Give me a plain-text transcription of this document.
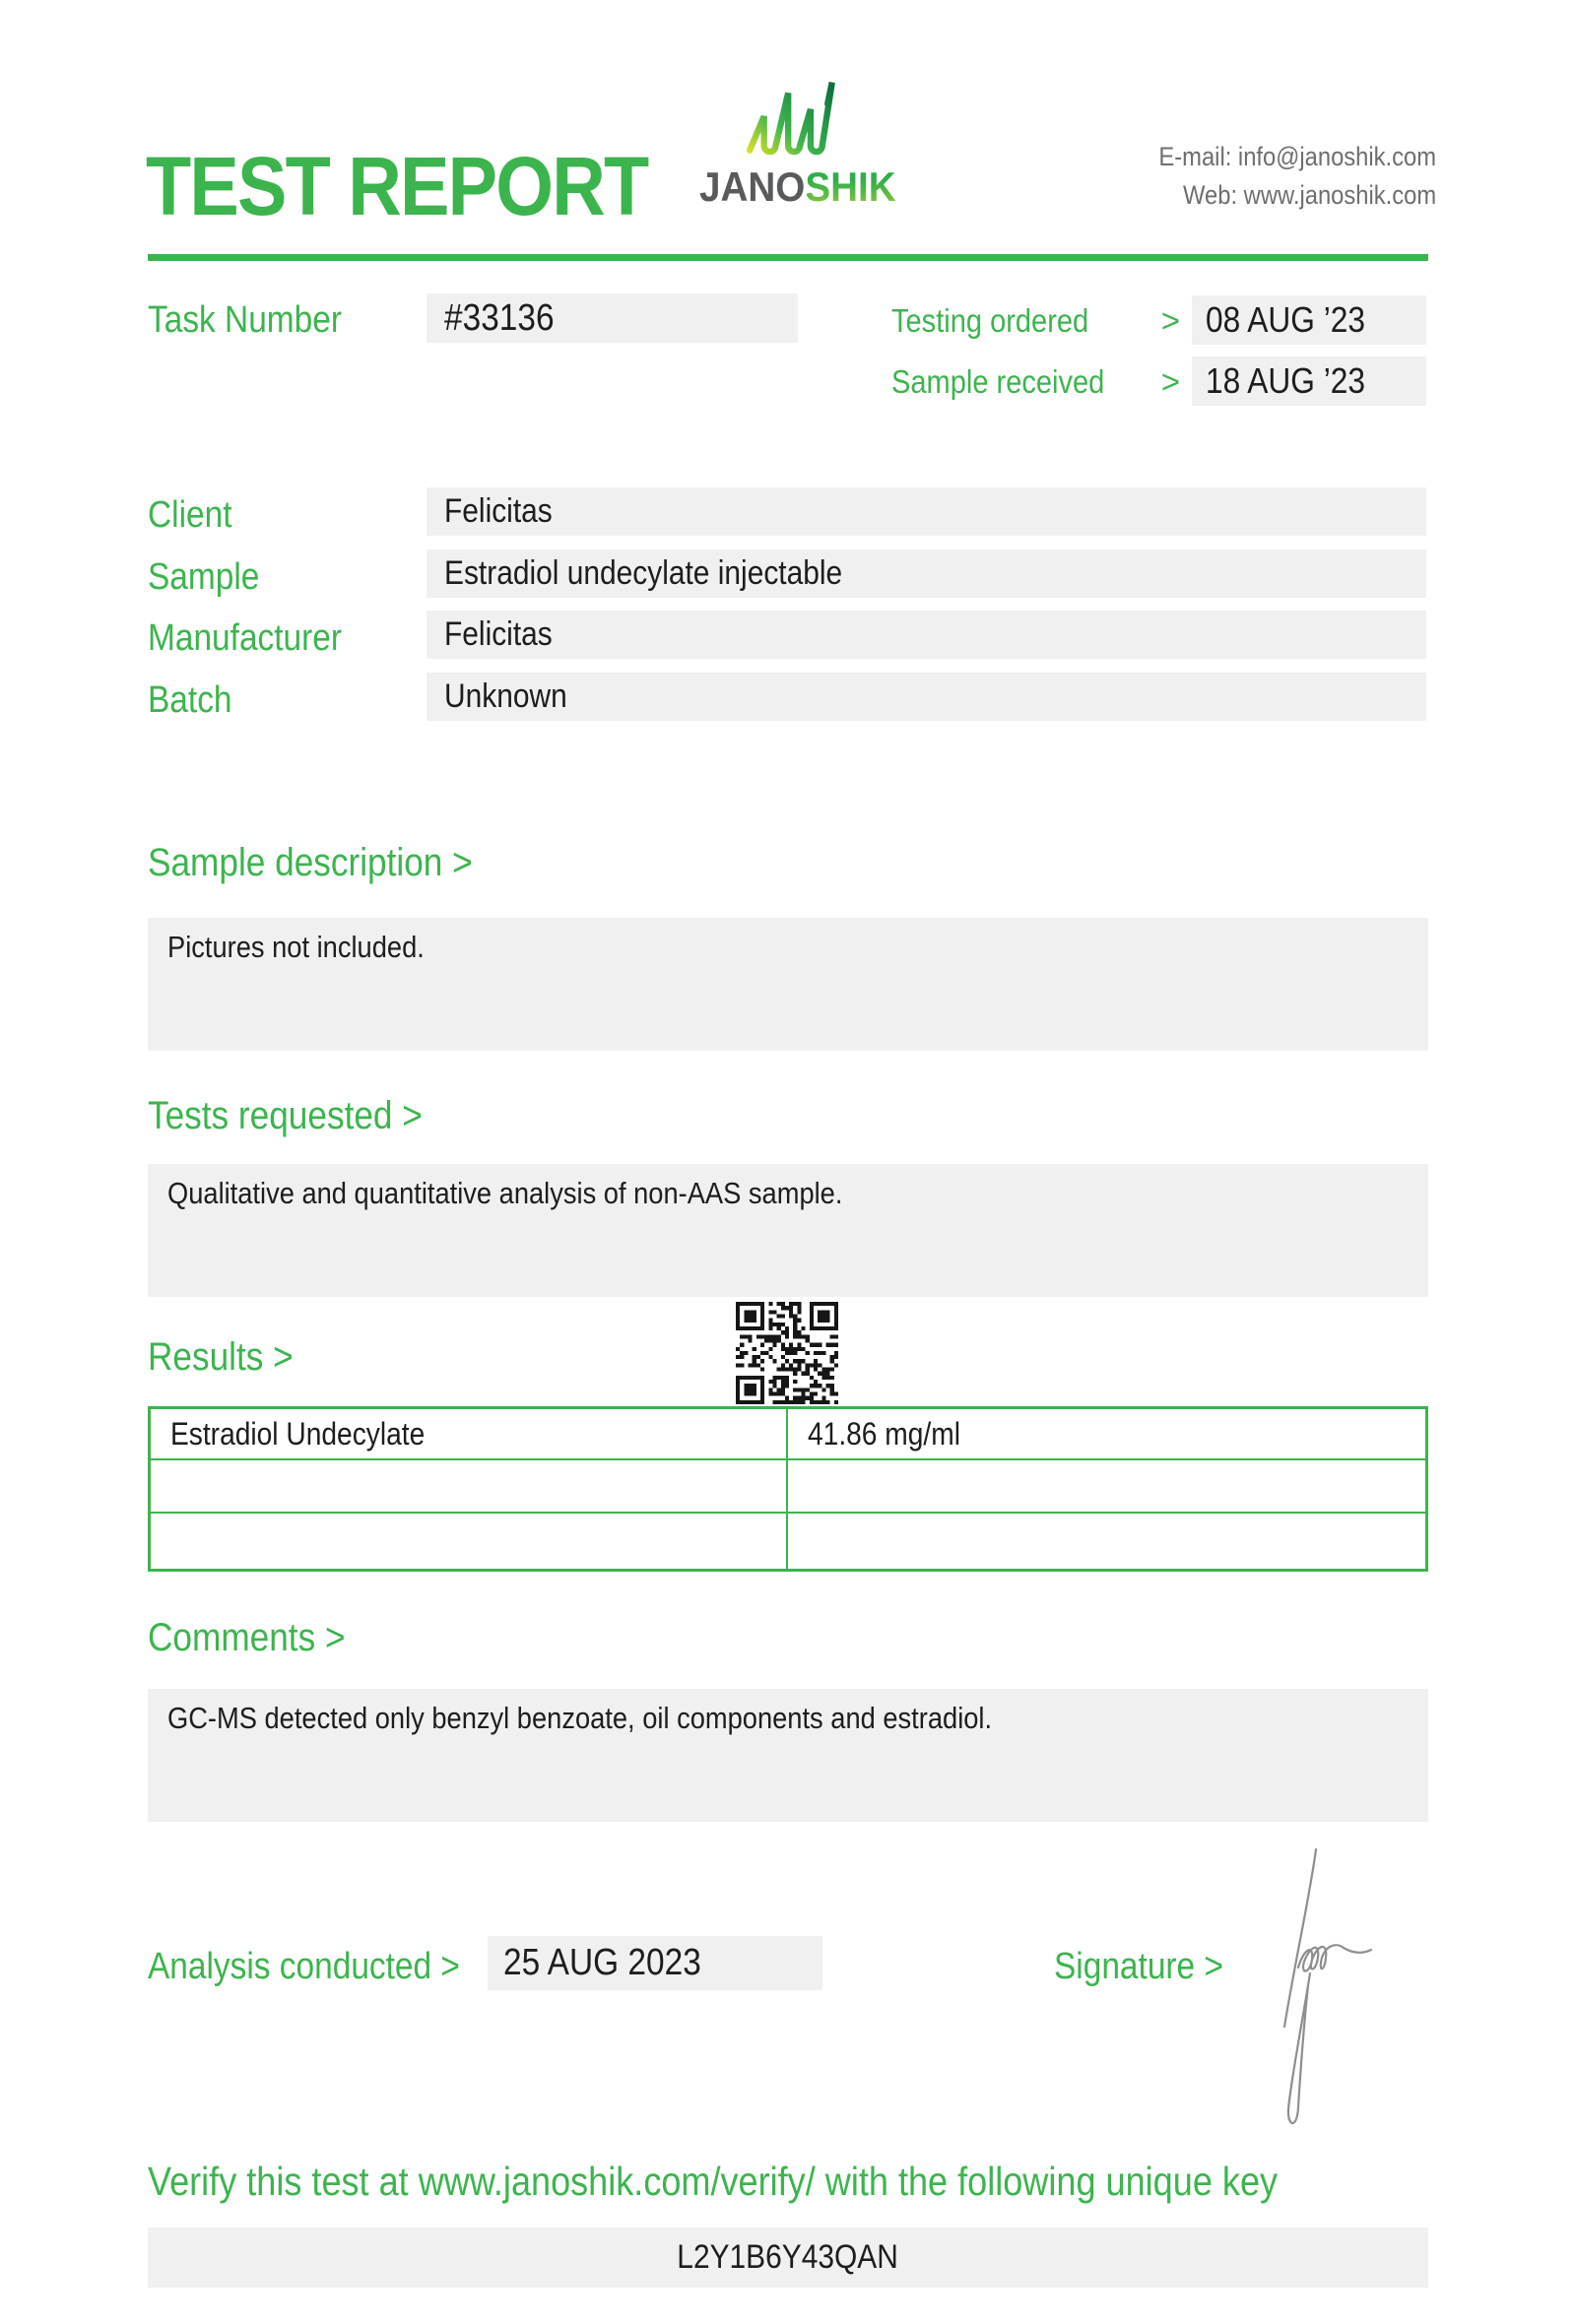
TEST REPORT JANOSHIK
E-mail: info@janoshik.com
Web: www.janoshik.com
Task Number	#33136	Testing ordered > 08 AUG ’23
Sample received > 18 AUG ’23
Client	Felicitas
Sample	Estradiol undecylate injectable
Manufacturer	Felicitas
Batch	Unknown
Sample description >
Pictures not included.
Tests requested >
Qualitative and quantitative analysis of non-AAS sample.
Results >
Estradiol Undecylate	41.86 mg/ml
Comments >
GC-MS detected only benzyl benzoate, oil components and estradiol.
Analysis conducted >	25 AUG 2023	Signature >
Verify this test at www.janoshik.com/verify/ with the following unique key
L2Y1B6Y43QAN
